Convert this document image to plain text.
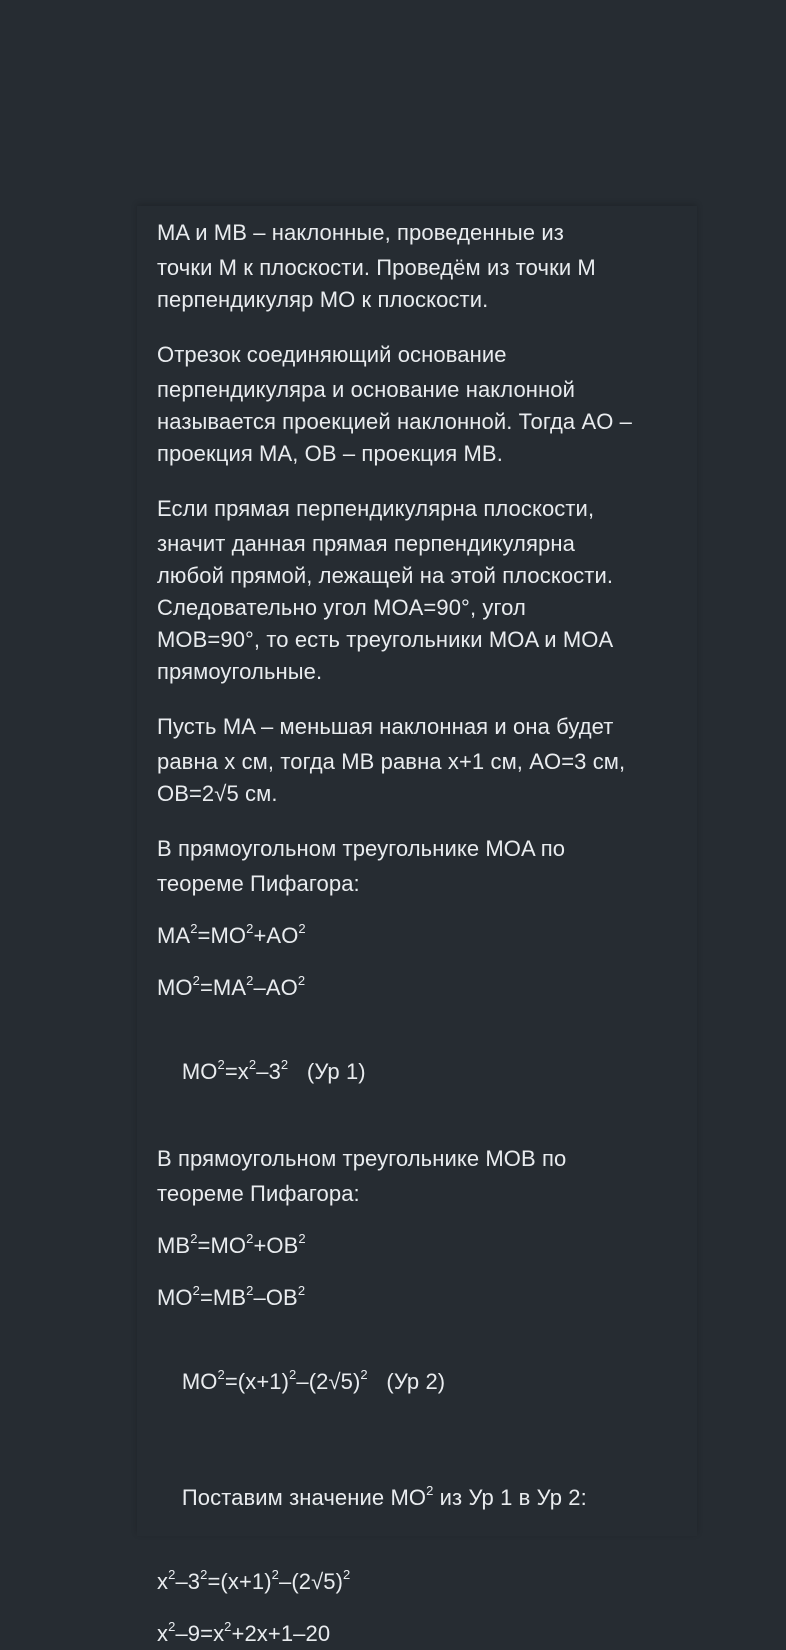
MA и MB – наклонные, проведенные из

точки M к плоскости. Проведём из точки M

перпендикуляр MO к плоскости.

Отрезок соединяющий основание

перпендикуляра и основание наклонной

называется проекцией наклонной. Тогда AO –

проекция MA, OB – проекция MB.

Если прямая перпендикулярна плоскости,

значит данная прямая перпендикулярна

любой прямой, лежащей на этой плоскости.

Следовательно угол MOA=90°, угол

MOB=90°, то есть треугольники MOA и MOA

прямоугольные.

Пусть MA – меньшая наклонная и она будет

равна x см, тогда MB равна x+1 см, AO=3 см,

OB=2√5 см.

В прямоугольном треугольнике MOA по

теореме Пифагора:

$MA^2=MO^2+AO^2$

$MO^2=MA^2-AO^2$

$MO^2=x^2-3^2$   (Ур 1)

В прямоугольном треугольнике MOB по

теореме Пифагора:

$MB^2=MO^2+OB^2$

$MO^2=MB^2-OB^2$

$MO^2=(x+1)^2-(2√5)^2$   (Ур 2)

Поставим значение $MO^2$ из Ур 1 в Ур 2:

$x^2-3^2=(x+1)^2-(2√5)^2$

$x^2-9=x^2+2x+1-20$
